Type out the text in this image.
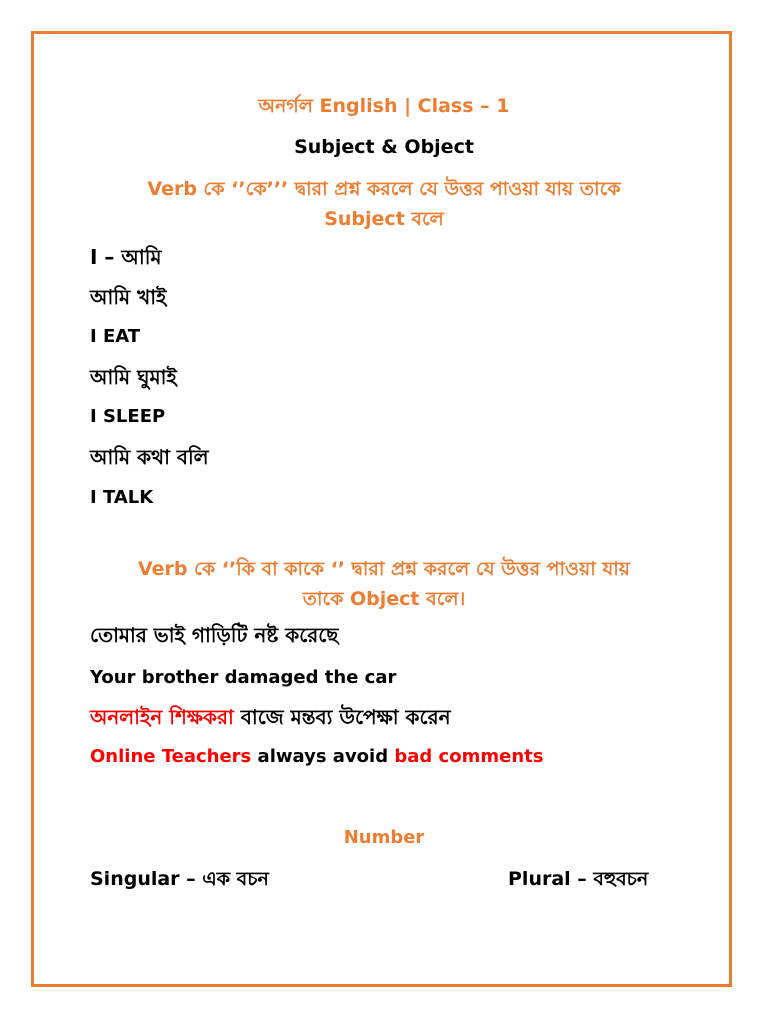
অনর্গল English | Class – 1

Subject & Object

Verb কে ‘’কে’’’ দ্বারা প্রশ্ন করলে যে উত্তর পাওয়া যায় তাকে
Subject বলে

I – আমি

আমি খাই

I EAT

আমি ঘুমাই

I SLEEP

আমি কথা বলি

I TALK

Verb কে ‘’কি বা কাকে ‘’ দ্বারা প্রশ্ন করলে যে উত্তর পাওয়া যায়
তাকে Object বলে।

তোমার ভাই গাড়িটি নষ্ট করেছে

Your brother damaged the car

অনলাইন শিক্ষকরা বাজে মন্তব্য উপেক্ষা করেন

Online Teachers always avoid bad comments

Number

Singular – এক বচন	Plural – বহুবচন
